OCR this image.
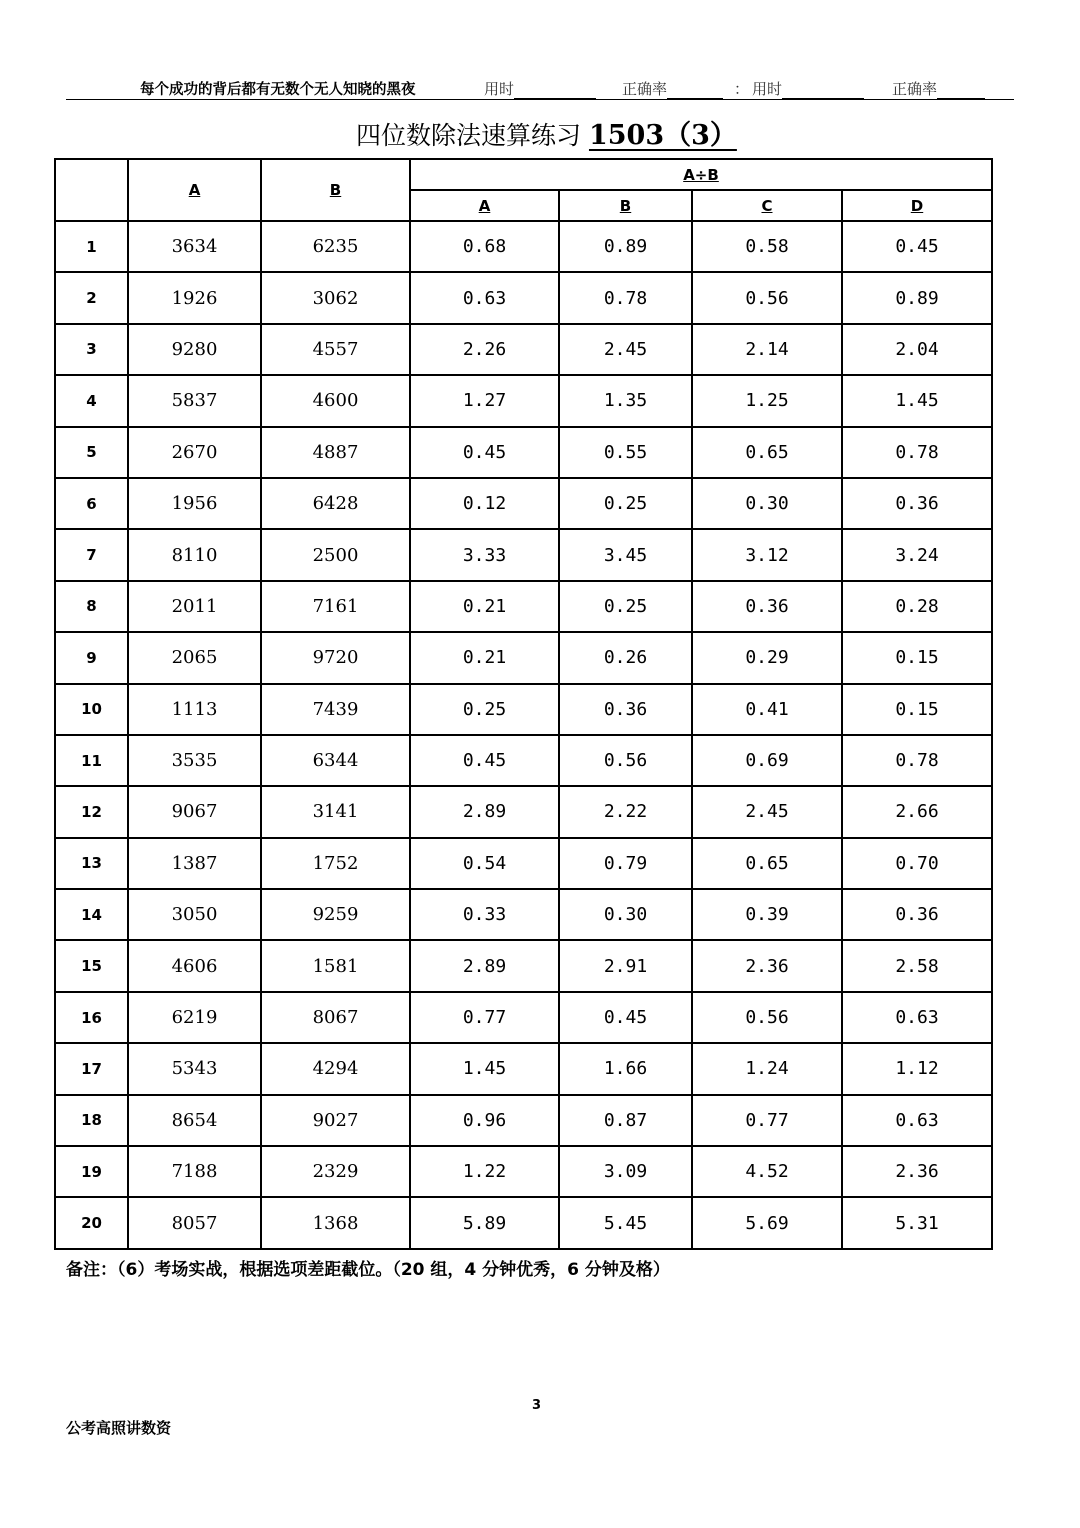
每个成功的背后都有无数个无人知晓的黑夜	用时	正确率	： 用时	正确率
四位数除法速算练习 1503（3）
	A	B	A÷B			
			A	B	C	D
1	3634	6235	0.68	0.89	0.58	0.45
2	1926	3062	0.63	0.78	0.56	0.89
3	9280	4557	2.26	2.45	2.14	2.04
4	5837	4600	1.27	1.35	1.25	1.45
5	2670	4887	0.45	0.55	0.65	0.78
6	1956	6428	0.12	0.25	0.30	0.36
7	8110	2500	3.33	3.45	3.12	3.24
8	2011	7161	0.21	0.25	0.36	0.28
9	2065	9720	0.21	0.26	0.29	0.15
10	1113	7439	0.25	0.36	0.41	0.15
11	3535	6344	0.45	0.56	0.69	0.78
12	9067	3141	2.89	2.22	2.45	2.66
13	1387	1752	0.54	0.79	0.65	0.70
14	3050	9259	0.33	0.30	0.39	0.36
15	4606	1581	2.89	2.91	2.36	2.58
16	6219	8067	0.77	0.45	0.56	0.63
17	5343	4294	1.45	1.66	1.24	1.12
18	8654	9027	0.96	0.87	0.77	0.63
19	7188	2329	1.22	3.09	4.52	2.36
20	8057	1368	5.89	5.45	5.69	5.31
备注：（6）考场实战，根据选项差距截位。（20 组，4 分钟优秀，6 分钟及格）
3
公考高照讲数资
